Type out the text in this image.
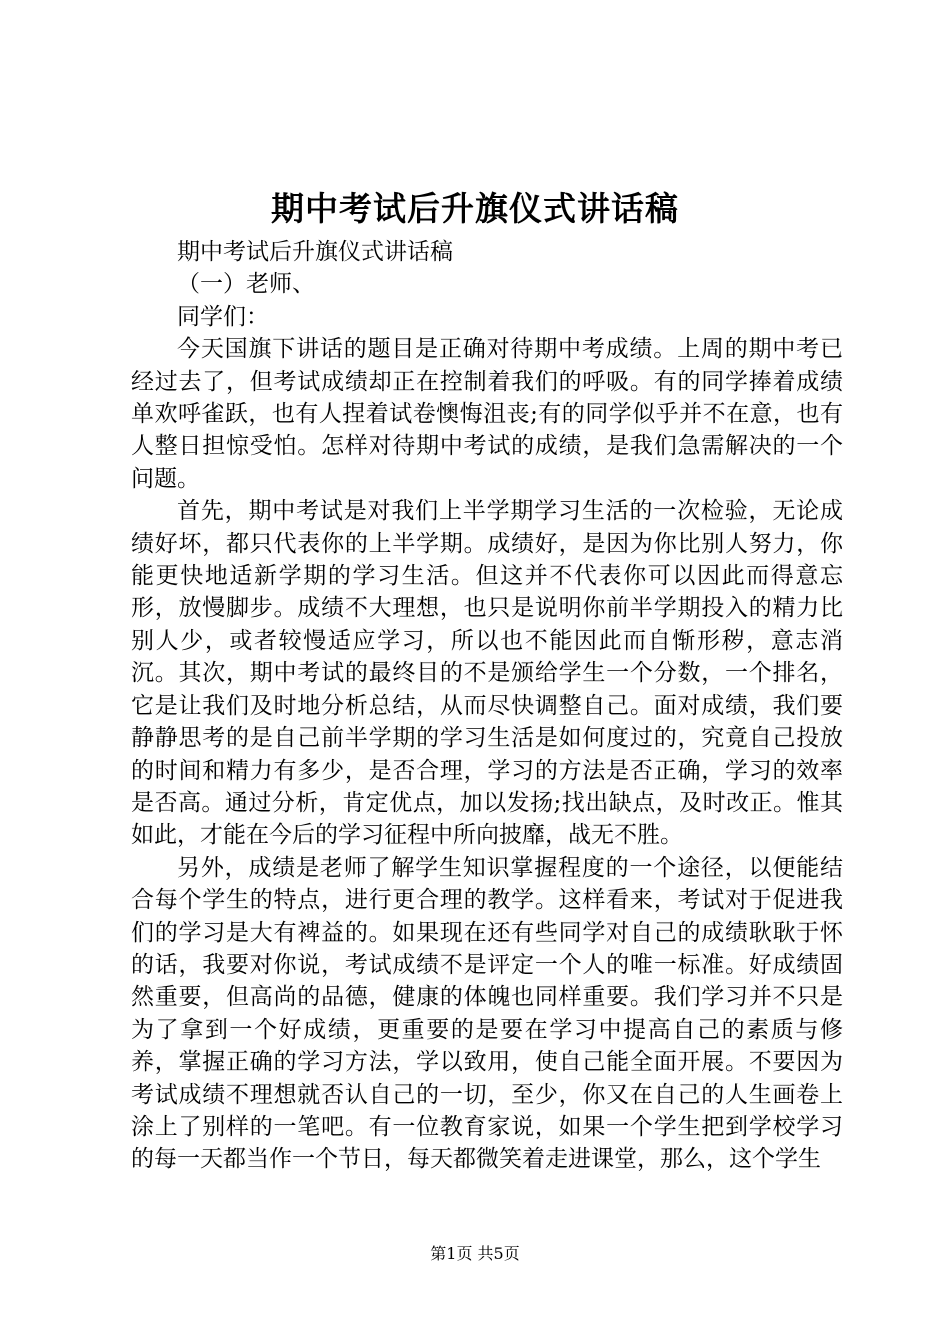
期中考试后升旗仪式讲话稿

期中考试后升旗仪式讲话稿

（一）老师、

同学们：

今天国旗下讲话的题目是正确对待期中考成绩。上周的期中考已经过去了，但考试成绩却正在控制着我们的呼吸。有的同学捧着成绩单欢呼雀跃，也有人捏着试卷懊悔沮丧;有的同学似乎并不在意，也有人整日担惊受怕。怎样对待期中考试的成绩，是我们急需解决的一个问题。

首先，期中考试是对我们上半学期学习生活的一次检验，无论成绩好坏，都只代表你的上半学期。成绩好，是因为你比别人努力，你能更快地适新学期的学习生活。但这并不代表你可以因此而得意忘形，放慢脚步。成绩不大理想，也只是说明你前半学期投入的精力比别人少，或者较慢适应学习，所以也不能因此而自惭形秽，意志消沉。其次，期中考试的最终目的不是颁给学生一个分数，一个排名，它是让我们及时地分析总结，从而尽快调整自己。面对成绩，我们要静静思考的是自己前半学期的学习生活是如何度过的，究竟自己投放的时间和精力有多少，是否合理，学习的方法是否正确，学习的效率是否高。通过分析，肯定优点，加以发扬;找出缺点，及时改正。惟其如此，才能在今后的学习征程中所向披靡，战无不胜。

另外，成绩是老师了解学生知识掌握程度的一个途径，以便能结合每个学生的特点，进行更合理的教学。这样看来，考试对于促进我们的学习是大有裨益的。如果现在还有些同学对自己的成绩耿耿于怀的话，我要对你说，考试成绩不是评定一个人的唯一标准。好成绩固然重要，但高尚的品德，健康的体魄也同样重要。我们学习并不只是为了拿到一个好成绩，更重要的是要在学习中提高自己的素质与修养，掌握正确的学习方法，学以致用，使自己能全面开展。不要因为考试成绩不理想就否认自己的一切，至少，你又在自己的人生画卷上涂上了别样的一笔吧。有一位教育家说，如果一个学生把到学校学习的每一天都当作一个节日，每天都微笑着走进课堂，那么，这个学生

第1页 共5页
